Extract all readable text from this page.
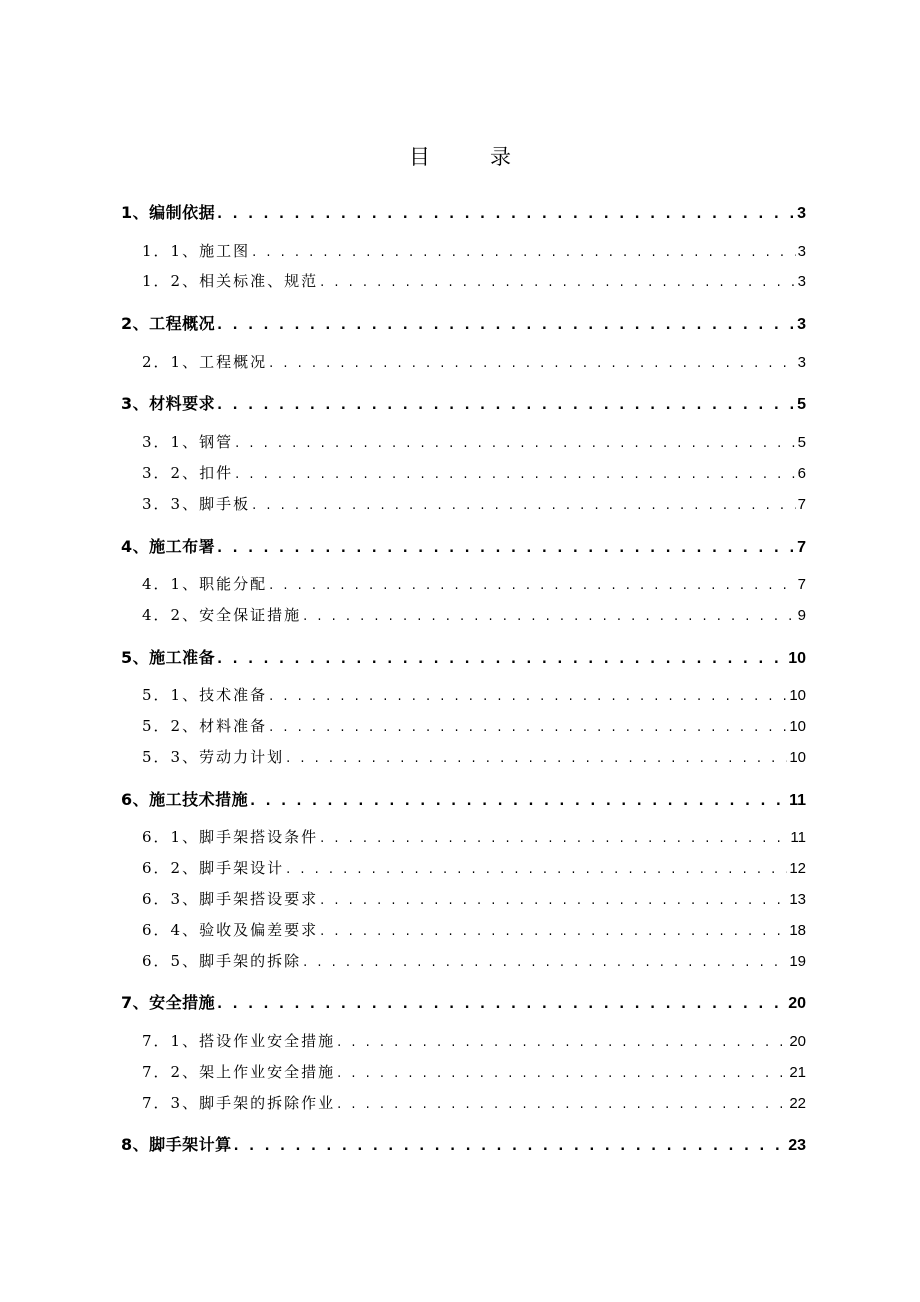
目录
1、编制依据 . . .	3
1．1、施工图 . . .	3
1．2、相关标准、规范 . . .	3
2、工程概况 . . .	3
2．1、工程概况 . . .	3
3、材料要求 . . .	5
3．1、钢管 . . .	5
3．2、扣件 . . .	6
3．3、脚手板 . . .	7
4、施工布署 . . .	7
4．1、职能分配 . . .	7
4．2、安全保证措施 . . .	9
5、施工准备 . . .	10
5．1、技术准备 . . .	10
5．2、材料准备 . . .	10
5．3、劳动力计划 . . .	10
6、施工技术措施 . . .	11
6．1、脚手架搭设条件 . . .	11
6．2、脚手架设计 . . .	12
6．3、脚手架搭设要求 . . .	13
6．4、验收及偏差要求 . . .	18
6．5、脚手架的拆除 . . .	19
7、安全措施 . . .	20
7．1、搭设作业安全措施 . . .	20
7．2、架上作业安全措施 . . .	21
7．3、脚手架的拆除作业 . . .	22
8、脚手架计算 . . .	23
